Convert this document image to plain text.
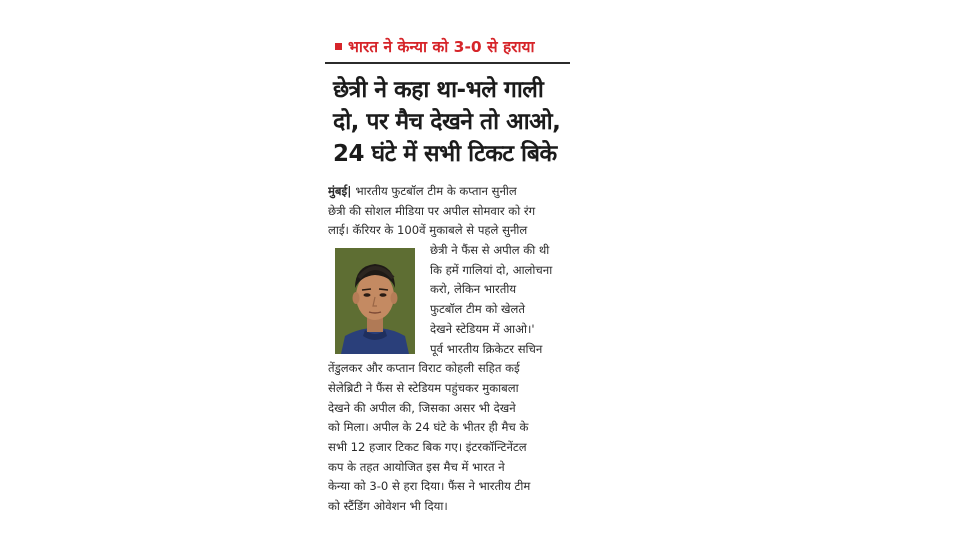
भारत ने केन्या को 3-0 से हराया
छेत्री ने कहा था-भले गाली
दो, पर मैच देखने तो आओ,
24 घंटे में सभी टिकट बिके
मुंबई| भारतीय फुटबॉल टीम के कप्तान सुनील
छेत्री की सोशल मीडिया पर अपील सोमवार को रंग
लाई। कॅरियर के 100वें मुकाबले से पहले सुनील
छेत्री ने फैंस से अपील की थी
कि हमें गालियां दो, आलोचना
करो, लेकिन भारतीय
फुटबॉल टीम को खेलते
देखने स्टेडियम में आओ।'
पूर्व भारतीय क्रिकेटर सचिन
तेंडुलकर और कप्तान विराट कोहली सहित कई
सेलेब्रिटी ने फैंस से स्टेडियम पहुंचकर मुकाबला
देखने की अपील की, जिसका असर भी देखने
को मिला। अपील के 24 घंटे के भीतर ही मैच के
सभी 12 हजार टिकट बिक गए। इंटरकॉन्टिनेंटल
कप के तहत आयोजित इस मैच में भारत ने
केन्या को 3-0 से हरा दिया। फैंस ने भारतीय टीम
को स्टैंडिंग ओवेशन भी दिया।
